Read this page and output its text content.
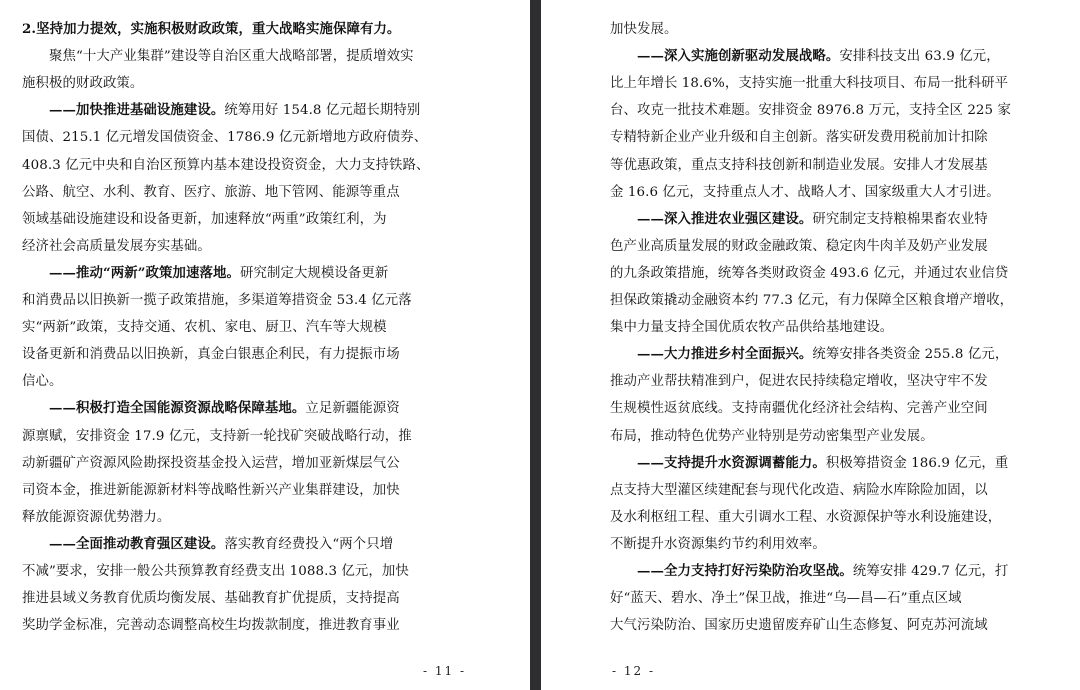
2.坚持加力提效，实施积极财政政策，重大战略实施保障有力。
聚焦“十大产业集群”建设等自治区重大战略部署，提质增效实
施积极的财政政策。
——加快推进基础设施建设。统筹用好 154.8 亿元超长期特别
国债、215.1 亿元增发国债资金、1786.9 亿元新增地方政府债券、
408.3 亿元中央和自治区预算内基本建设投资资金，大力支持铁路、
公路、航空、水利、教育、医疗、旅游、地下管网、能源等重点
领域基础设施建设和设备更新，加速释放“两重”政策红利，为
经济社会高质量发展夯实基础。
——推动“两新”政策加速落地。研究制定大规模设备更新
和消费品以旧换新一揽子政策措施，多渠道筹措资金 53.4 亿元落
实“两新”政策，支持交通、农机、家电、厨卫、汽车等大规模
设备更新和消费品以旧换新，真金白银惠企利民，有力提振市场
信心。
——积极打造全国能源资源战略保障基地。立足新疆能源资
源禀赋，安排资金 17.9 亿元，支持新一轮找矿突破战略行动，推
动新疆矿产资源风险勘探投资基金投入运营，增加亚新煤层气公
司资本金，推进新能源新材料等战略性新兴产业集群建设，加快
释放能源资源优势潜力。
——全面推动教育强区建设。落实教育经费投入“两个只增
不减”要求，安排一般公共预算教育经费支出 1088.3 亿元，加快
推进县域义务教育优质均衡发展、基础教育扩优提质，支持提高
奖助学金标准，完善动态调整高校生均拨款制度，推进教育事业
加快发展。
——深入实施创新驱动发展战略。安排科技支出 63.9 亿元，
比上年增长 18.6%，支持实施一批重大科技项目、布局一批科研平
台、攻克一批技术难题。安排资金 8976.8 万元，支持全区 225 家
专精特新企业产业升级和自主创新。落实研发费用税前加计扣除
等优惠政策，重点支持科技创新和制造业发展。安排人才发展基
金 16.6 亿元，支持重点人才、战略人才、国家级重大人才引进。
——深入推进农业强区建设。研究制定支持粮棉果畜农业特
色产业高质量发展的财政金融政策、稳定肉牛肉羊及奶产业发展
的九条政策措施，统筹各类财政资金 493.6 亿元，并通过农业信贷
担保政策撬动金融资本约 77.3 亿元，有力保障全区粮食增产增收，
集中力量支持全国优质农牧产品供给基地建设。
——大力推进乡村全面振兴。统筹安排各类资金 255.8 亿元，
推动产业帮扶精准到户，促进农民持续稳定增收，坚决守牢不发
生规模性返贫底线。支持南疆优化经济社会结构、完善产业空间
布局，推动特色优势产业特别是劳动密集型产业发展。
——支持提升水资源调蓄能力。积极筹措资金 186.9 亿元，重
点支持大型灌区续建配套与现代化改造、病险水库除险加固，以
及水利枢纽工程、重大引调水工程、水资源保护等水利设施建设，
不断提升水资源集约节约利用效率。
——全力支持打好污染防治攻坚战。统筹安排 429.7 亿元，打
好“蓝天、碧水、净土”保卫战，推进“乌—昌—石”重点区域
大气污染防治、国家历史遗留废弃矿山生态修复、阿克苏河流域
- 11 -	- 12 -
